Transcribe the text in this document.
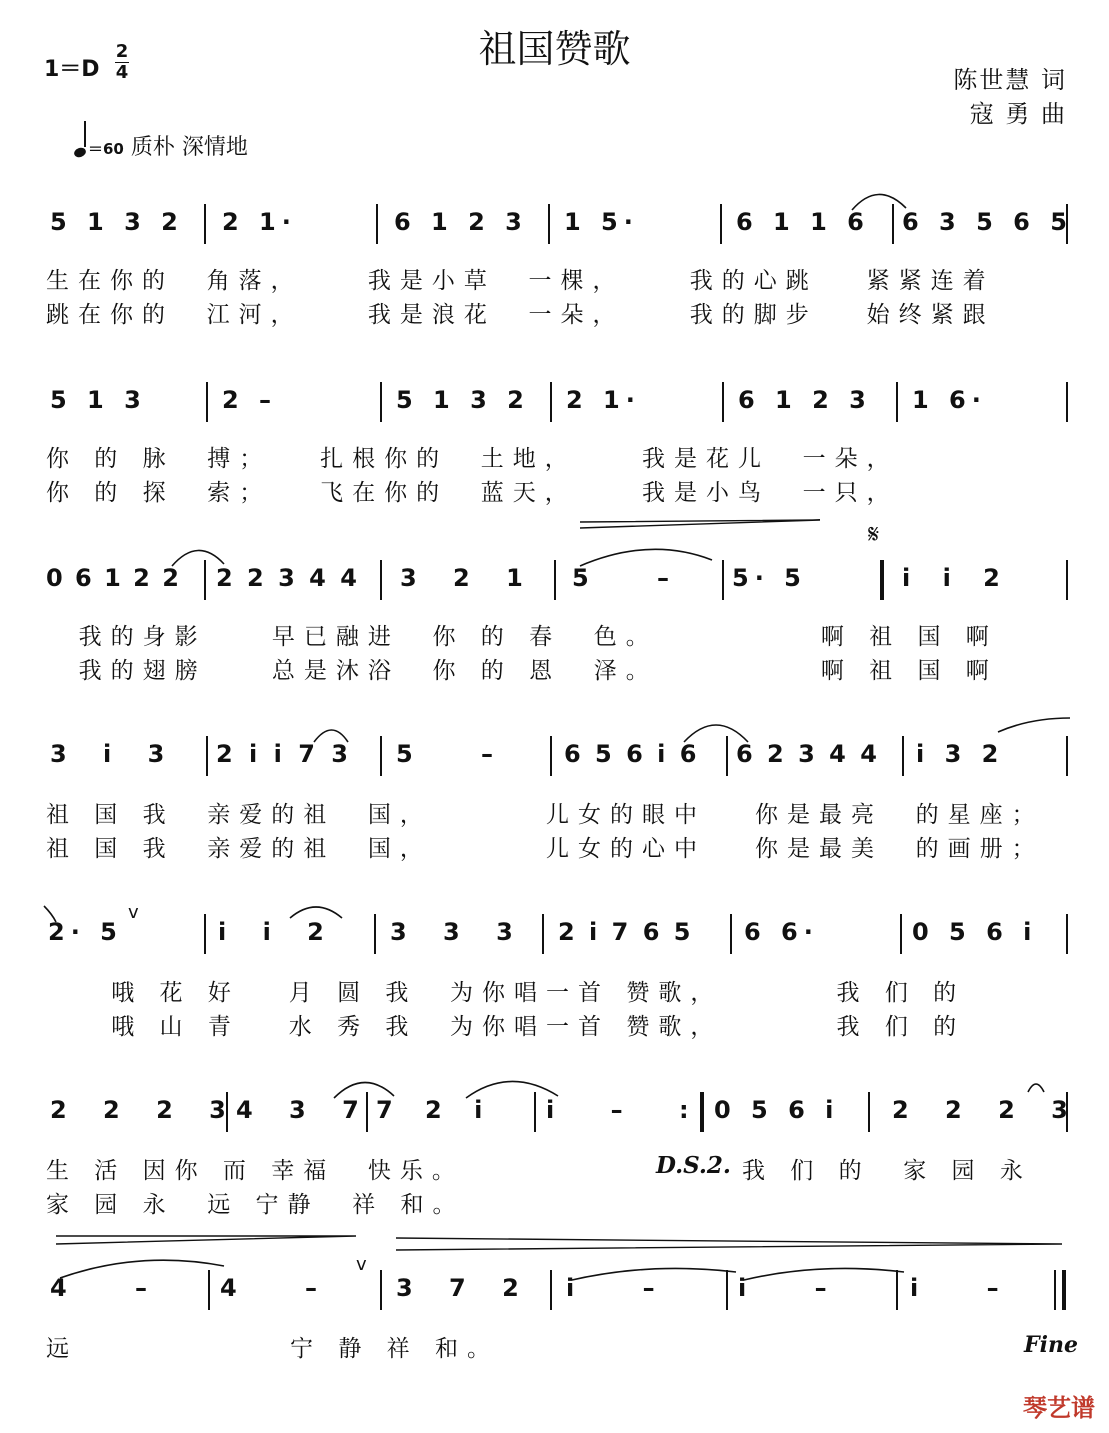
祖国赞歌
1＝D
2
4	陈世慧 词
寇 勇 曲
＝60 质朴 深情地
5 1 3 2 2 1·	6 1 2 3 1 5·	6 1 1 6 6 3 5 6 5
生在你的  角落，    我是小草  一棵，    我的心跳   紧紧连着
跳在你的  江河，    我是浪花  一朵，    我的脚步   始终紧跟
5 1 3	2 –	5 1 3 2 2 1·	6 1 2 3 1 6·
你 的 脉  搏；   扎根你的  土地，    我是花儿  一朵，
你 的 探  索；   飞在你的  蓝天，    我是小鸟  一只，
0 6 1 2 2 2 2 3 4 4 3 2 1 5 – 5· 5	i i 2
我的身影    早已融进  你 的 春  色。          啊 祖 国 啊
我的翅膀    总是沐浴  你 的 恩  泽。          啊 祖 国 啊
𝄋
3 i 3 2 i i 7 3 5 – 6 5 6 i 6 6 2 3 4 4 i 3 2
祖 国 我  亲爱的祖  国，       儿女的眼中   你是最亮  的星座；
祖 国 我  亲爱的祖  国，       儿女的心中   你是最美  的画册；
2· 5	i i 2 3 3 3 2 i 7 6 5 6 6·	0 5 6 i
v
哦 花 好   月 圆 我  为你唱一首 赞歌，       我 们 的
哦 山 青   水 秀 我  为你唱一首 赞歌，       我 们 的
2 2 2 3
4 3 7 7 2 i i – : 0 5 6 i 2 2 2 3
生 活 因你 而 幸福  快乐。	D.S.2. 我 们 的  家 园 永
家 园 永  远 宁静  祥 和。
4 – 4 – 3 7 2 i – i – i –
v
远             宁 静 祥 和。	Fine
琴艺谱
